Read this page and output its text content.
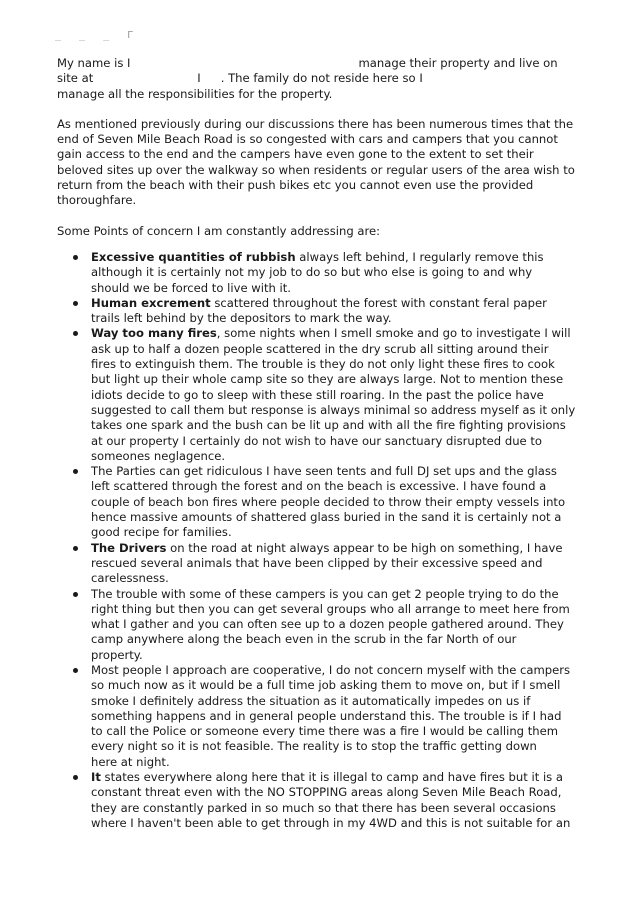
_ _ _ Г

My name is I	manage their property and live on

site at	I . The family do not reside here so I

manage all the responsibilities for the property.

As mentioned previously during our discussions there has been numerous times that the

end of Seven Mile Beach Road is so congested with cars and campers that you cannot

gain access to the end and the campers have even gone to the extent to set their

beloved sites up over the walkway so when residents or regular users of the area wish to

return from the beach with their push bikes etc you cannot even use the provided

thoroughfare.

Some Points of concern I am constantly addressing are:

Excessive quantities of rubbish always left behind, I regularly remove this

although it is certainly not my job to do so but who else is going to and why

should we be forced to live with it.

Human excrement scattered throughout the forest with constant feral paper

trails left behind by the depositors to mark the way.

Way too many fires, some nights when I smell smoke and go to investigate I will

ask up to half a dozen people scattered in the dry scrub all sitting around their

fires to extinguish them. The trouble is they do not only light these fires to cook

but light up their whole camp site so they are always large. Not to mention these

idiots decide to go to sleep with these still roaring. In the past the police have

suggested to call them but response is always minimal so address myself as it only

takes one spark and the bush can be lit up and with all the fire fighting provisions

at our property I certainly do not wish to have our sanctuary disrupted due to

someones neglagence.

The Parties can get ridiculous I have seen tents and full DJ set ups and the glass

left scattered through the forest and on the beach is excessive. I have found a

couple of beach bon fires where people decided to throw their empty vessels into

hence massive amounts of shattered glass buried in the sand it is certainly not a

good recipe for families.

The Drivers on the road at night always appear to be high on something, I have

rescued several animals that have been clipped by their excessive speed and

carelessness.

The trouble with some of these campers is you can get 2 people trying to do the

right thing but then you can get several groups who all arrange to meet here from

what I gather and you can often see up to a dozen people gathered around. They

camp anywhere along the beach even in the scrub in the far North of our

property.

Most people I approach are cooperative, I do not concern myself with the campers

so much now as it would be a full time job asking them to move on, but if I smell

smoke I definitely address the situation as it automatically impedes on us if

something happens and in general people understand this. The trouble is if I had

to call the Police or someone every time there was a fire I would be calling them

every night so it is not feasible. The reality is to stop the traffic getting down

here at night.

It states everywhere along here that it is illegal to camp and have fires but it is a

constant threat even with the NO STOPPING areas along Seven Mile Beach Road,

they are constantly parked in so much so that there has been several occasions

where I haven't been able to get through in my 4WD and this is not suitable for an
